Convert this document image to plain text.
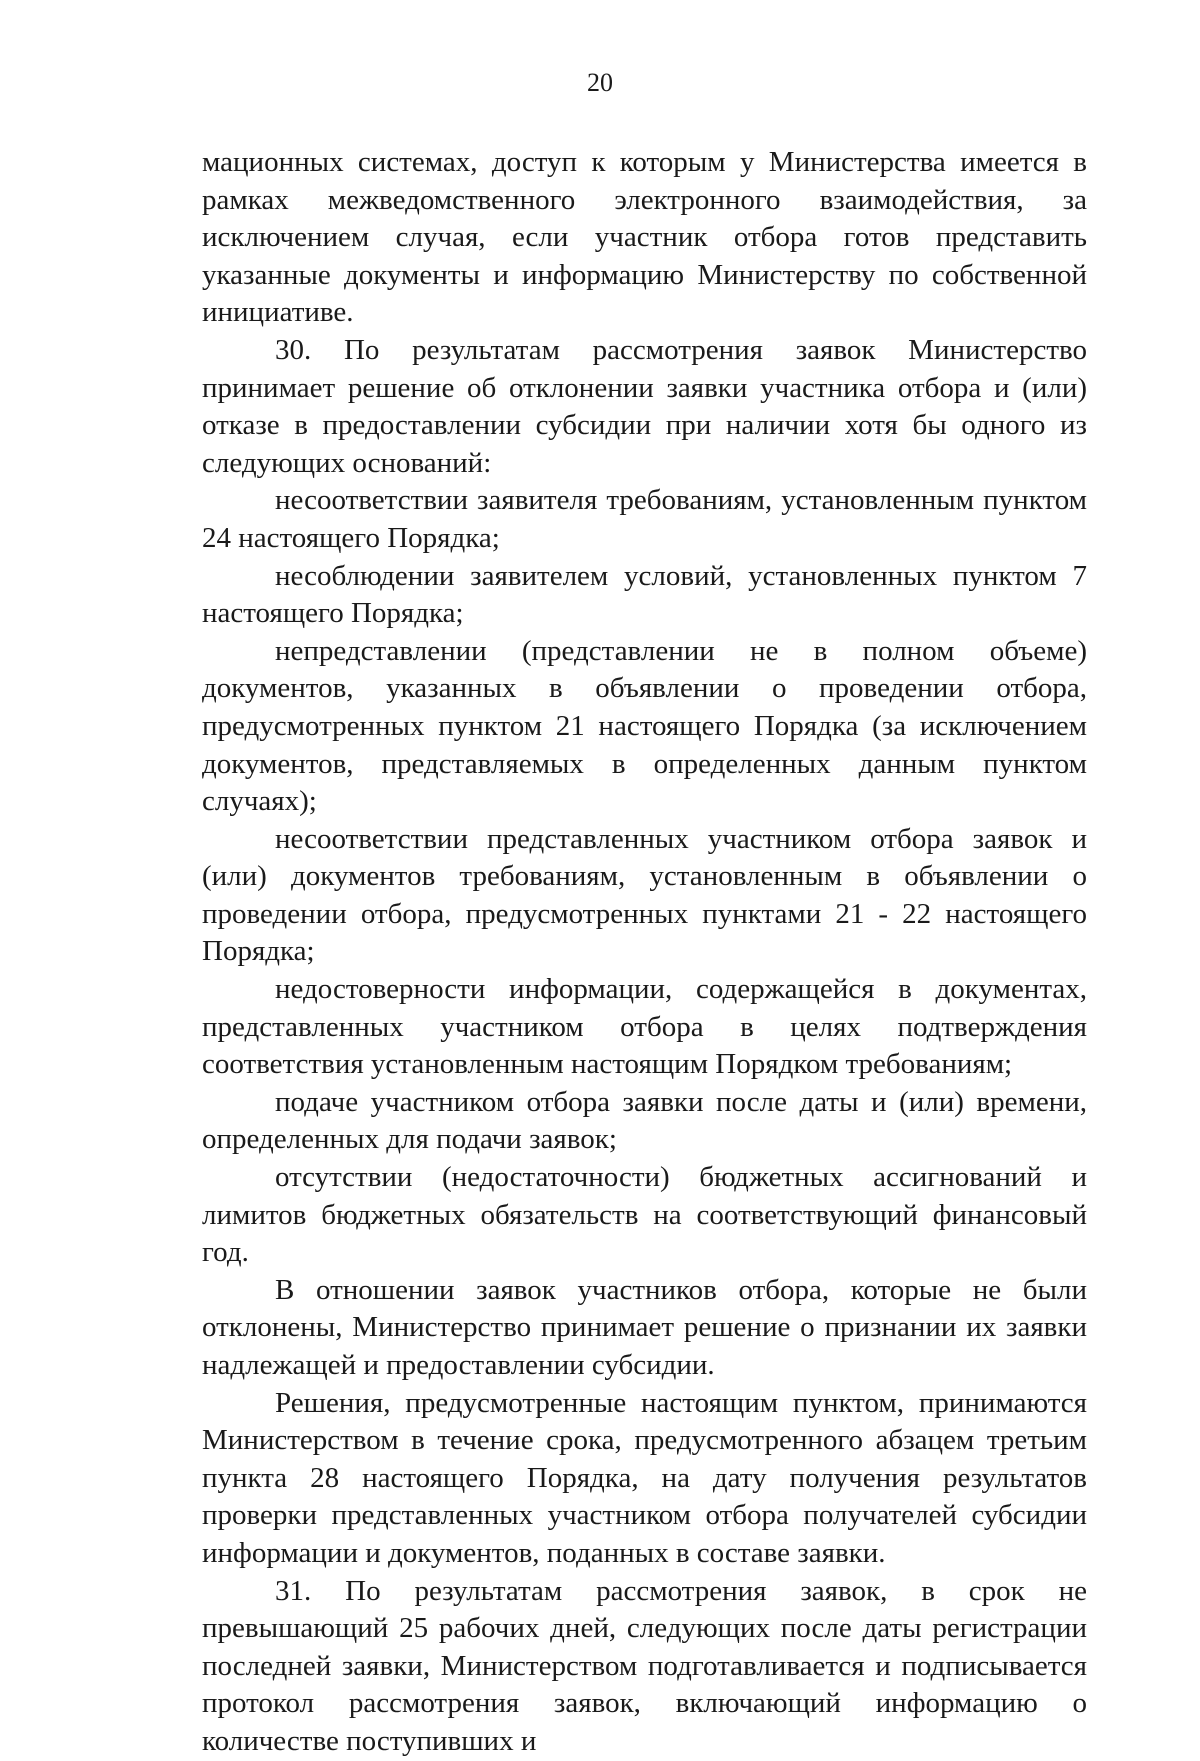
20

мационных системах, доступ к которым у Министерства имеется в рамках межведомственного электронного взаимодействия, за исключением случая, если участник отбора готов представить указанные документы и информацию Министерству по собственной инициативе.

30. По результатам рассмотрения заявок Министерство принимает решение об отклонении заявки участника отбора и (или) отказе в предоставлении субсидии при наличии хотя бы одного из следующих оснований:

несоответствии заявителя требованиям, установленным пунктом 24 настоящего Порядка;

несоблюдении заявителем условий, установленных пунктом 7 настоящего Порядка;

непредставлении (представлении не в полном объеме) документов, указанных в объявлении о проведении отбора, предусмотренных пунктом 21 настоящего Порядка (за исключением документов, представляемых в определенных данным пунктом случаях);

несоответствии представленных участником отбора заявок и (или) документов требованиям, установленным в объявлении о проведении отбора, предусмотренных пунктами 21 - 22 настоящего Порядка;

недостоверности информации, содержащейся в документах, представленных участником отбора в целях подтверждения соответствия установленным настоящим Порядком требованиям;

подаче участником отбора заявки после даты и (или) времени, определенных для подачи заявок;

отсутствии (недостаточности) бюджетных ассигнований и лимитов бюджетных обязательств на соответствующий финансовый год.

В отношении заявок участников отбора, которые не были отклонены, Министерство принимает решение о признании их заявки надлежащей и предоставлении субсидии.

Решения, предусмотренные настоящим пунктом, принимаются Министерством в течение срока, предусмотренного абзацем третьим пункта 28 настоящего Порядка, на дату получения результатов проверки представленных участником отбора получателей субсидии информации и документов, поданных в составе заявки.

31. По результатам рассмотрения заявок, в срок не превышающий 25 рабочих дней, следующих после даты регистрации последней заявки, Министерством подготавливается и подписывается протокол рассмотрения заявок, включающий информацию о количестве поступивших и
